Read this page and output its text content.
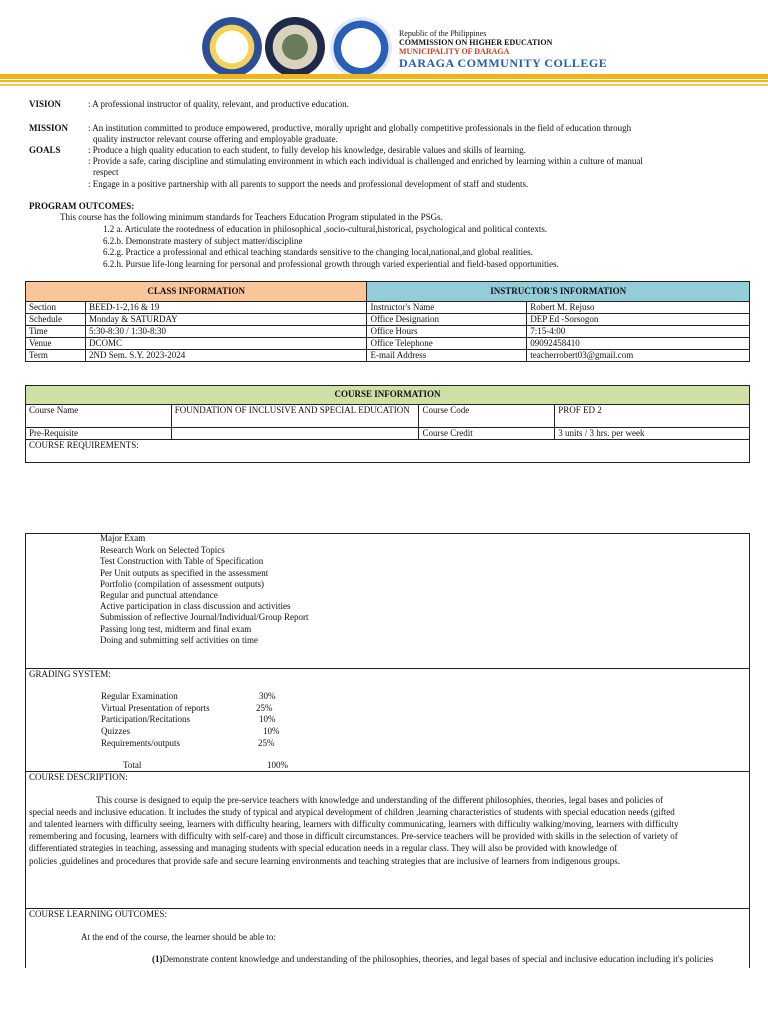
Republic of the Philippines
COMMISSION ON HIGHER EDUCATION
MUNICIPALITY OF DARAGA
DARAGA COMMUNITY COLLEGE
VISION	: A professional instructor of quality, relevant, and productive education.
MISSION : An institution committed to produce empowered, productive, morally upright and globally competitive professionals in the field of education through
quality instructor relevant course offering and employable graduate.
GOALS	: Produce a high quality education to each student, to fully develop his knowledge, desirable values and skills of learning.
: Provide a safe, caring discipline and stimulating environment in which each individual is challenged and enriched by learning within a culture of manual
respect
: Engage in a positive partnership with all parents to support the needs and professional development of staff and students.
PROGRAM OUTCOMES:
This course has the following minimum standards for Teachers Education Program stipulated in the PSGs.
1.2 a. Articulate the rootedness of education in philosophical ,socio-cultural,historical, psychological and political contexts.
6.2.b. Demonstrate mastery of subject matter/discipline
6.2.g. Practice a professional and ethical teaching standards sensitive to the changing local,national,and global realities.
6.2.h. Pursue life-long learning for personal and professional growth through varied experiential and field-based opportunities.
CLASS INFORMATION		INSTRUCTOR'S INFORMATION	
Section	BEED-1-2,16 & 19	Instructor's Name	Robert M. Rejuso
Schedule	Monday & SATURDAY	Office Designation	DEP Ed -Sorsogon
Time	5:30-8:30 / 1:30-8:30	Office Hours	7:15-4:00
Venue	DCOMC	Office Telephone	09092458410
Term	2ND Sem. S.Y. 2023-2024	E-mail Address	teacherrobert03@gmail.com
COURSE INFORMATION			
Course Name	FOUNDATION OF INCLUSIVE AND SPECIAL EDUCATION	Course Code	PROF ED 2
Pre-Requisite		Course Credit	3 units / 3 hrs. per week
COURSE REQUIREMENTS:			
Major Exam
Research Work on Selected Topics
Test Construction with Table of Specification
Per Unit outputs as specified in the assessment
Portfolio (compilation of assessment outputs)
Regular and punctual attendance
Active participation in class discussion and activities
Submission of reflective Journal/Individual/Group Report
Passing long test, midterm and final exam
Doing and submitting self activities on time
GRADING SYSTEM:
Regular Examination	30%
Virtual Presentation of reports	25%
Participation/Recitations	10%
Quizzes	10%
Requirements/outputs	25%
Total	100%
COURSE DESCRIPTION:
This course is designed to equip the pre-service teachers with knowledge and understanding of the different philosophies, theories, legal bases and policies of
special needs and inclusive education. It includes the study of typical and atypical development of children ,learning characteristics of students with special education needs (gifted
and talented learners with difficulty seeing, learners with difficulty hearing, learners with difficulty communicating, learners with difficulty walking/moving, learners with difficulty
remembering and focusing, learners with difficulty with self-care) and those in difficult circumstances. Pre-service teachers will be provided with skills in the selection of variety of
differentiated strategies in teaching, assessing and managing students with special education needs in a regular class. They will also be provided with knowledge of
policies ,guidelines and procedures that provide safe and secure learning environments and teaching strategies that are inclusive of learners from indigenous groups.
COURSE LEARNING OUTCOMES:
At the end of the course, the learner should be able to:
(1)Demonstrate content knowledge and understanding of the philosophies, theories, and legal bases of special and inclusive education including it's policies
